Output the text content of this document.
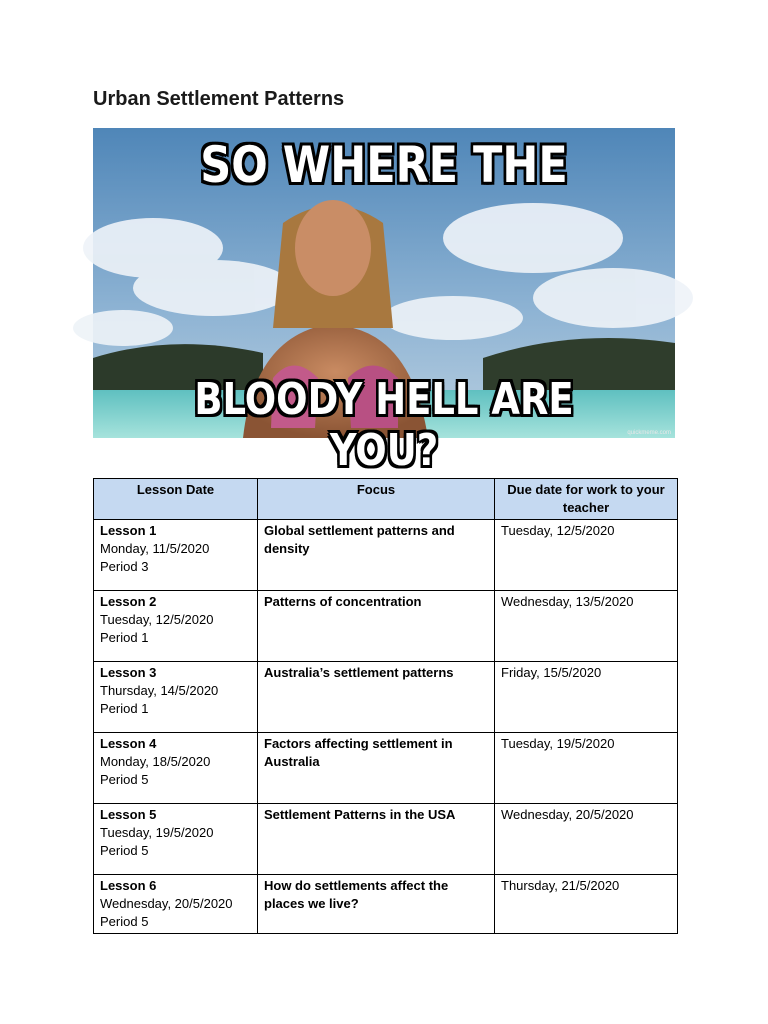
Urban Settlement Patterns
SO WHERE THE
BLOODY HELL ARE YOU?	quickmeme.com
Lesson Date	Focus	Due date for work to your teacher

Lesson 1
Monday, 11/5/2020
Period 3	Global settlement patterns and density	Tuesday, 12/5/2020

Lesson 2
Tuesday, 12/5/2020
Period 1	Patterns of concentration	Wednesday, 13/5/2020

Lesson 3
Thursday, 14/5/2020
Period 1	Australia’s settlement patterns	Friday, 15/5/2020

Lesson 4
Monday, 18/5/2020
Period 5	Factors affecting settlement in Australia	Tuesday, 19/5/2020

Lesson 5
Tuesday, 19/5/2020
Period 5	Settlement Patterns in the USA	Wednesday, 20/5/2020

Lesson 6
Wednesday, 20/5/2020
Period 5	How do settlements affect the places we live?	Thursday, 21/5/2020
